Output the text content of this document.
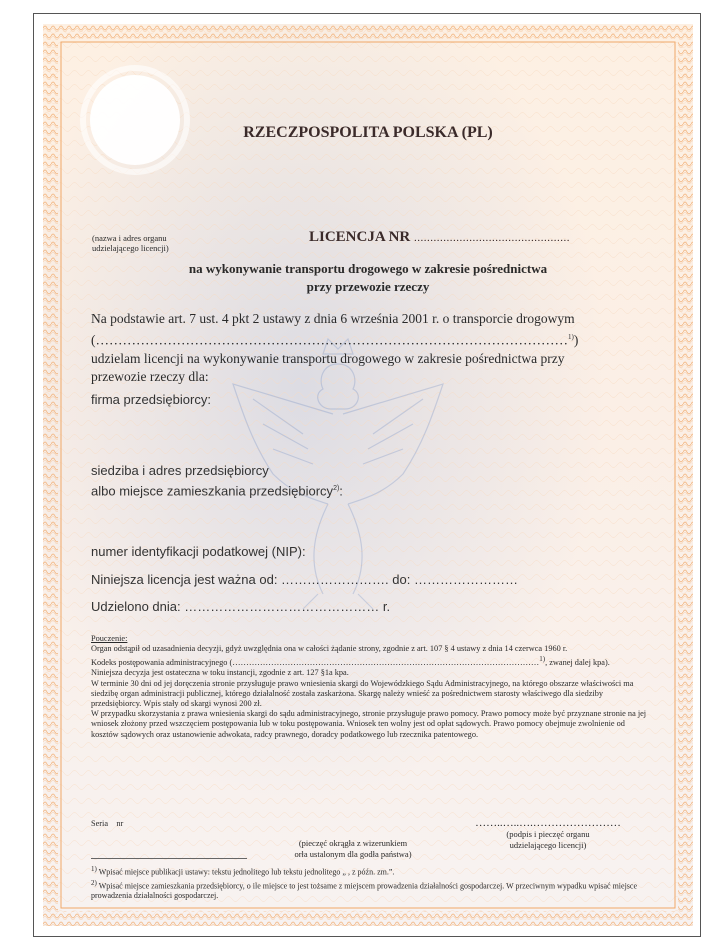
RZECZPOSPOLITA POLSKA (PL)
(nazwa i adres organu
udzielającego licencji)
LICENCJA NR ................................................
na wykonywanie transportu drogowego w zakresie pośrednictwa
przy przewozie rzeczy
Na podstawie art. 7 ust. 4 pkt 2 ustawy z dnia 6 września 2001 r. o transporcie drogowym
(……………………………………………………………………………………………$^{1)}$)
udzielam licencji na wykonywanie transportu drogowego w zakresie pośrednictwa przy
przewozie rzeczy dla:
firma przedsiębiorcy:
siedziba i adres przedsiębiorcy
albo miejsce zamieszkania przedsiębiorcy$^{2)}$:
numer identyfikacji podatkowej (NIP):
Niniejsza licencja jest ważna od: ……………………. do: ……………………
Udzielono dnia: ……………………………………… r.
Pouczenie:
Organ odstąpił od uzasadnienia decyzji, gdyż uwzględnia ona w całości żądanie strony, zgodnie z art. 107 § 4 ustawy z dnia 14 czerwca 1960 r.
Kodeks postępowania administracyjnego (…………………………………………………………………………………………………$^{1)}$, zwanej dalej kpa).
Niniejsza decyzja jest ostateczna w toku instancji, zgodnie z art. 127 §1a kpa.
W terminie 30 dni od jej doręczenia stronie przysługuje prawo wniesienia skargi do Wojewódzkiego Sądu Administracyjnego, na którego obszarze właściwości ma siedzibę organ administracji publicznej, którego działalność została zaskarżona. Skargę należy wnieść za pośrednictwem starosty właściwego dla siedziby przedsiębiorcy. Wpis stały od skargi wynosi 200 zł.
W przypadku skorzystania z prawa wniesienia skargi do sądu administracyjnego, stronie przysługuje prawo pomocy. Prawo pomocy może być przyznane stronie na jej wniosek złożony przed wszczęciem postępowania lub w toku postępowania. Wniosek ten wolny jest od opłat sądowych. Prawo pomocy obejmuje zwolnienie od kosztów sądowych oraz ustanowienie adwokata, radcy prawnego, doradcy podatkowego lub rzecznika patentowego.
Seria nr	……..…..….……………………
(podpis i pieczęć organu
udzielającego licencji)
(pieczęć okrągła z wizerunkiem
orła ustalonym dla godła państwa)
1) Wpisać miejsce publikacji ustawy: tekstu jednolitego lub tekstu jednolitego „ , z późn. zm.”.
2) Wpisać miejsce zamieszkania przedsiębiorcy, o ile miejsce to jest tożsame z miejscem prowadzenia działalności gospodarczej. W przeciwnym wypadku wpisać miejsce prowadzenia działalności gospodarczej.
